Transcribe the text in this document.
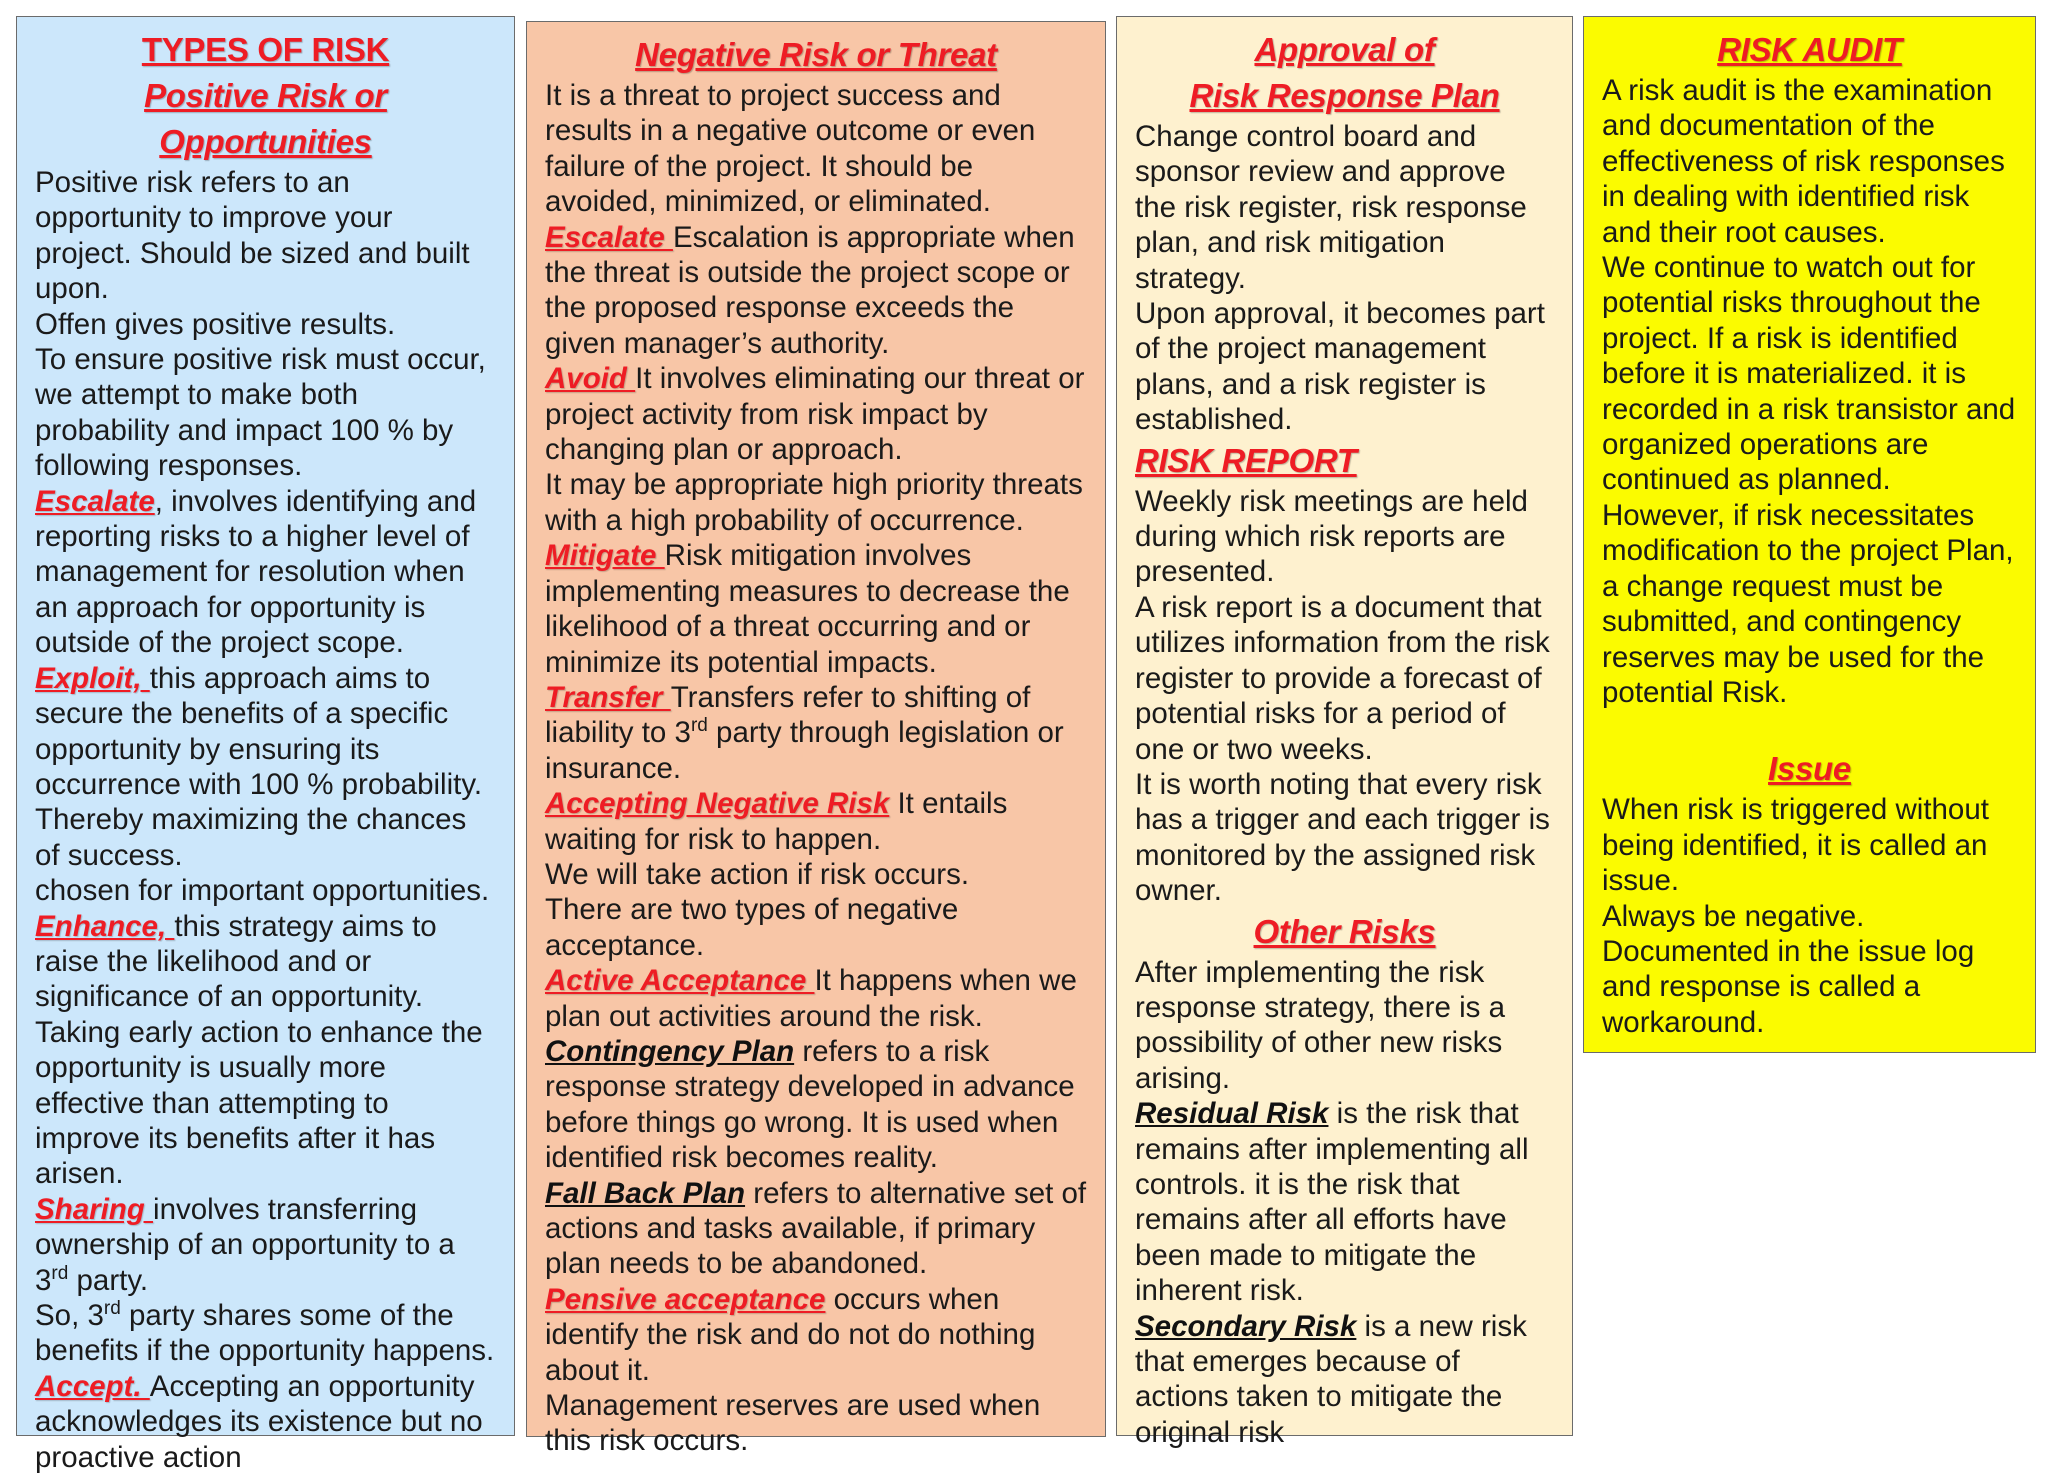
TYPES OF RISK
Positive Risk or Opportunities

Positive risk refers to an opportunity to improve your project. Should be sized and built upon.

Offen gives positive results.

To ensure positive risk must occur, we attempt to make both probability and impact 100 % by following responses.

Escalate, involves identifying and reporting risks to a higher level of management for resolution when an approach for opportunity is outside of the project scope.

Exploit, this approach aims to secure the benefits of a specific opportunity by ensuring its occurrence with 100 % probability. Thereby maximizing the chances of success.

chosen for important opportunities.

Enhance, this strategy aims to raise the likelihood and or significance of an opportunity. Taking early action to enhance the opportunity is usually more effective than attempting to improve its benefits after it has arisen.

Sharing involves transferring ownership of an opportunity to a 3rd party.

So, 3rd party shares some of the benefits if the opportunity happens.

Accept. Accepting an opportunity acknowledges its existence but no proactive action

Negative Risk or Threat

It is a threat to project success and results in a negative outcome or even failure of the project. It should be avoided, minimized, or eliminated.

Escalate Escalation is appropriate when the threat is outside the project scope or the proposed response exceeds the given manager’s authority.

Avoid It involves eliminating our threat or project activity from risk impact by changing plan or approach.

It may be appropriate high priority threats with a high probability of occurrence.

Mitigate Risk mitigation involves implementing measures to decrease the likelihood of a threat occurring and or minimize its potential impacts.

Transfer Transfers refer to shifting of liability to 3rd party through legislation or insurance.

Accepting Negative Risk It entails waiting for risk to happen.

We will take action if risk occurs.

There are two types of negative acceptance.

Active Acceptance It happens when we plan out activities around the risk.

Contingency Plan refers to a risk response strategy developed in advance before things go wrong. It is used when identified risk becomes reality.

Fall Back Plan refers to alternative set of actions and tasks available, if primary plan needs to be abandoned.

Pensive acceptance occurs when identify the risk and do not do nothing about it.

Management reserves are used when this risk occurs.

Approval of
Risk Response Plan

Change control board and sponsor review and approve the risk register, risk response plan, and risk mitigation strategy.

Upon approval, it becomes part of the project management plans, and a risk register is established.

RISK REPORT

Weekly risk meetings are held during which risk reports are presented.

A risk report is a document that utilizes information from the risk register to provide a forecast of potential risks for a period of one or two weeks.

It is worth noting that every risk has a trigger and each trigger is monitored by the assigned risk owner.

Other Risks

After implementing the risk response strategy, there is a possibility of other new risks arising.

Residual Risk is the risk that remains after implementing all controls. it is the risk that remains after all efforts have been made to mitigate the inherent risk.

Secondary Risk is a new risk that emerges because of actions taken to mitigate the original risk

RISK AUDIT

A risk audit is the examination and documentation of the effectiveness of risk responses in dealing with identified risk and their root causes.

We continue to watch out for potential risks throughout the project. If a risk is identified before it is materialized. it is recorded in a risk transistor and organized operations are continued as planned.

However, if risk necessitates modification to the project Plan, a change request must be submitted, and contingency reserves may be used for the potential Risk.

Issue

When risk is triggered without being identified, it is called an issue.

Always be negative.

Documented in the issue log and response is called a workaround.
